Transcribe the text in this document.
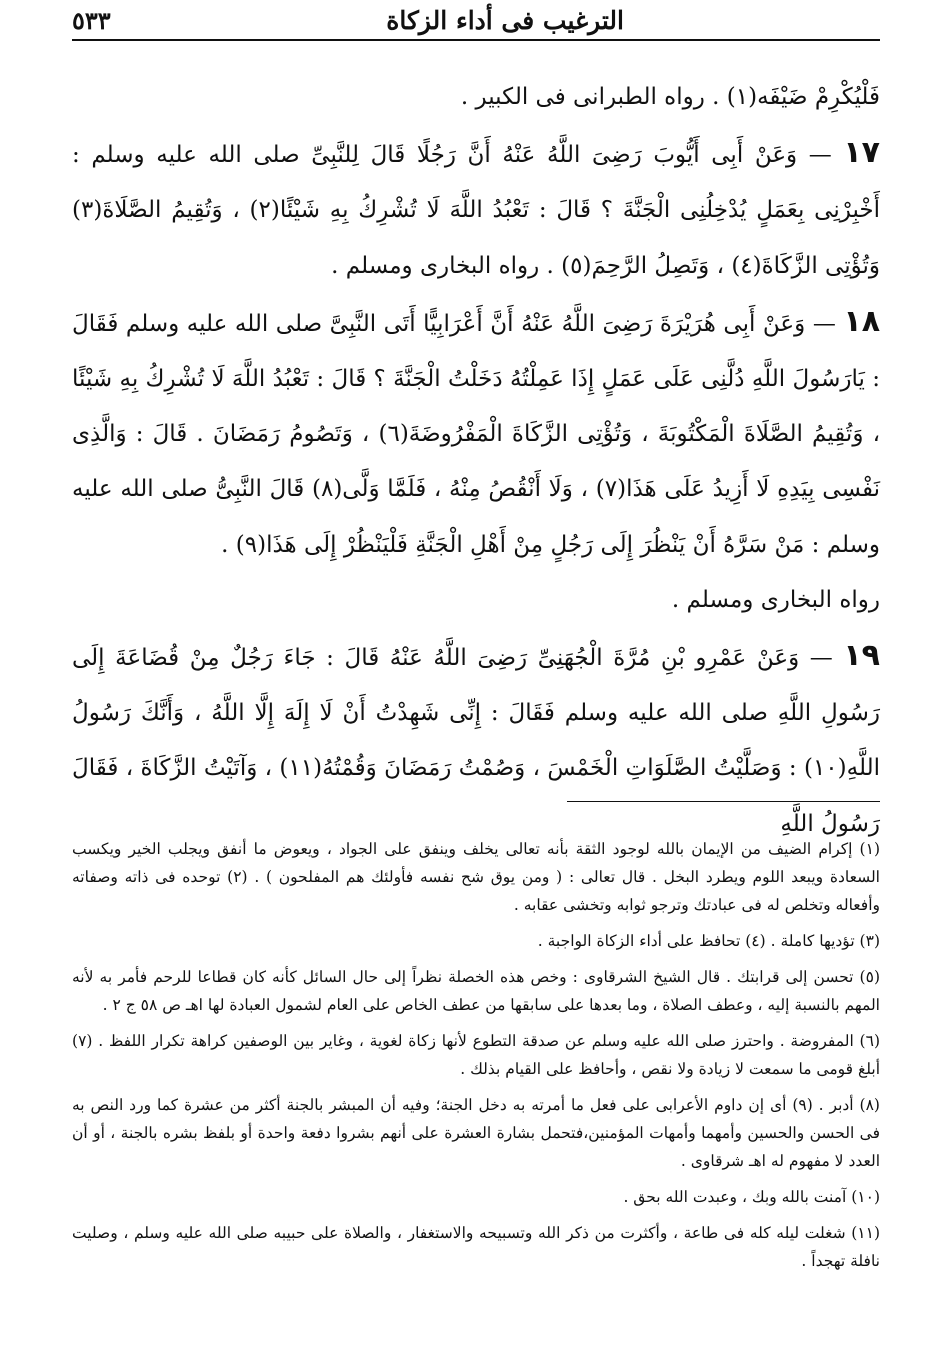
الترغيب فى أداء الزكاة
٥٣٣

فَلْيُكْرِمْ ضَيْفَه(١) . رواه الطبرانى فى الكبير .

١٧ — وَعَنْ أَبِى أَيُّوبَ رَضِىَ اللَّهُ عَنْهُ أَنَّ رَجُلًا قَالَ لِلنَّبِىِّ صلى الله عليه وسلم : أَخْبِرْنِى بِعَمَلٍ يُدْخِلُنِى الْجَنَّةَ ؟ قَالَ : تَعْبُدُ اللَّهَ لَا تُشْرِكُ بِهِ شَيْئًا(٢) ، وَتُقِيمُ الصَّلَاةَ(٣) وَتُؤْتِى الزَّكَاةَ(٤) ، وَتَصِلُ الرَّحِمَ(٥) . رواه البخارى ومسلم .

١٨ — وَعَنْ أَبِى هُرَيْرَةَ رَضِىَ اللَّهُ عَنْهُ أَنَّ أَعْرَابِيًّا أَتَى النَّبِىَّ صلى الله عليه وسلم فَقَالَ : يَارَسُولَ اللَّهِ دُلَّنِى عَلَى عَمَلٍ إِذَا عَمِلْتُهُ دَخَلْتُ الْجَنَّةَ ؟ قَالَ : تَعْبُدُ اللَّهَ لَا تُشْرِكُ بِهِ شَيْئًا ، وَتُقِيمُ الصَّلَاةَ الْمَكْتُوبَةَ ، وَتُؤْتِى الزَّكَاةَ الْمَفْرُوضَةَ(٦) ، وَتَصُومُ رَمَضَانَ . قَالَ : وَالَّذِى نَفْسِى بِيَدِهِ لَا أَزِيدُ عَلَى هَذَا(٧) ، وَلَا أَنْقُصُ مِنْهُ ، فَلَمَّا وَلَّى(٨) قَالَ النَّبِىُّ صلى الله عليه وسلم : مَنْ سَرَّهُ أَنْ يَنْظُرَ إِلَى رَجُلٍ مِنْ أَهْلِ الْجَنَّةِ فَلْيَنْظُرْ إِلَى هَذَا(٩) .

رواه البخارى ومسلم .

١٩ — وَعَنْ عَمْرِو بْنِ مُرَّةَ الْجُهَنِىِّ رَضِىَ اللَّهُ عَنْهُ قَالَ : جَاءَ رَجُلٌ مِنْ قُضَاعَةَ إِلَى رَسُولِ اللَّهِ صلى الله عليه وسلم فَقَالَ : إِنِّى شَهِدْتُ أَنْ لَا إِلَهَ إِلَّا اللَّهُ ، وَأَنَّكَ رَسُولُ اللَّهِ(١٠) : وَصَلَّيْتُ الصَّلَوَاتِ الْخَمْسَ ، وَصُمْتُ رَمَضَانَ وَقُمْتُهُ(١١) ، وَآتَيْتُ الزَّكَاةَ ، فَقَالَ رَسُولُ اللَّهِ

(١) إكرام الضيف من الإيمان بالله لوجود الثقة بأنه تعالى يخلف وينفق على الجواد ، ويعوض ما أنفق ويجلب الخير ويكسب السعادة ويبعد اللوم ويطرد البخل . قال تعالى : ( ومن يوق شح نفسه فأولئك هم المفلحون ) . (٢) توحده فى ذاته وصفاته وأفعاله وتخلص له فى عبادتك وترجو ثوابه وتخشى عقابه .

(٣) تؤديها كاملة . (٤) تحافظ على أداء الزكاة الواجبة .

(٥) تحسن إلى قرابتك . قال الشيخ الشرقاوى : وخص هذه الخصلة نظراً إلى حال السائل كأنه كان قطاعا للرحم فأمر به لأنه المهم بالنسبة إليه ، وعطف الصلاة ، وما بعدها على سابقها من عطف الخاص على العام لشمول العبادة لها اهـ ص ٥٨ ج ٢ .

(٦) المفروضة . واحترز صلى الله عليه وسلم عن صدقة التطوع لأنها زكاة لغوية ، وغاير بين الوصفين كراهة تكرار اللفظ . (٧) أبلغ قومى ما سمعت لا زيادة ولا نقص ، وأحافظ على القيام بذلك .

(٨) أدبر . (٩) أى إن داوم الأعرابى على فعل ما أمرته به دخل الجنة؛ وفيه أن المبشر بالجنة أكثر من عشرة كما ورد النص به فى الحسن والحسين وأمهما وأمهات المؤمنين،فتحمل بشارة العشرة على أنهم بشروا دفعة واحدة أو بلفظ بشره بالجنة ، أو أن العدد لا مفهوم له اهـ شرقاوى .

(١٠) آمنت بالله وبك ، وعبدت الله بحق .

(١١) شغلت ليله كله فى طاعة ، وأكثرت من ذكر الله وتسبيحه والاستغفار ، والصلاة على حبيبه صلى الله عليه وسلم ، وصليت نافلة تهجداً .
